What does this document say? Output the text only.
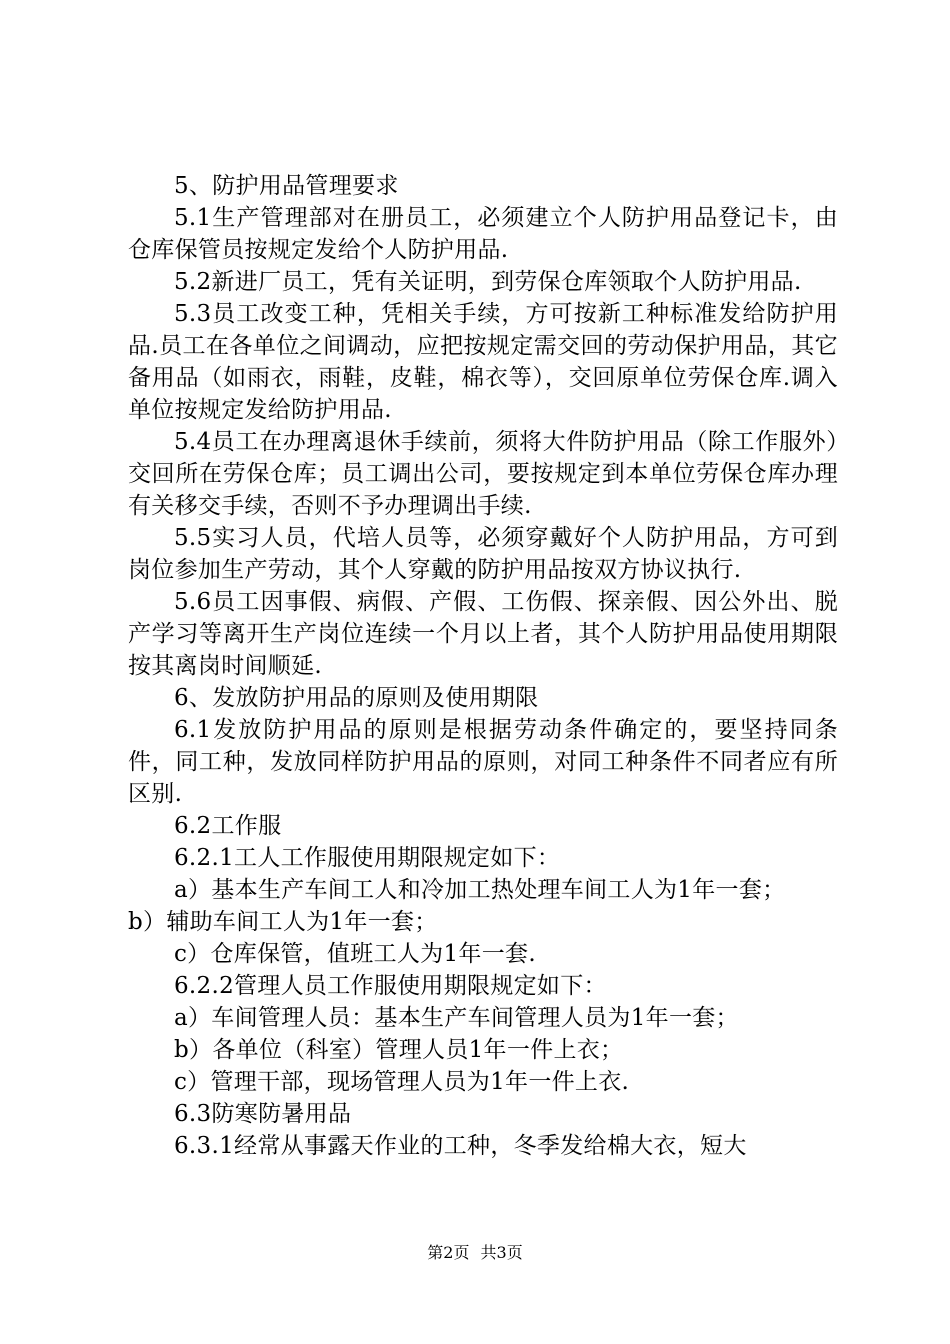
5、防护用品管理要求

5.1生产管理部对在册员工，必须建立个人防护用品登记卡，由仓库保管员按规定发给个人防护用品.

5.2新进厂员工，凭有关证明，到劳保仓库领取个人防护用品.

5.3员工改变工种，凭相关手续，方可按新工种标准发给防护用品.员工在各单位之间调动，应把按规定需交回的劳动保护用品，其它备用品（如雨衣，雨鞋，皮鞋，棉衣等），交回原单位劳保仓库.调入单位按规定发给防护用品.

5.4员工在办理离退休手续前，须将大件防护用品（除工作服外）交回所在劳保仓库；员工调出公司，要按规定到本单位劳保仓库办理有关移交手续，否则不予办理调出手续.

5.5实习人员，代培人员等，必须穿戴好个人防护用品，方可到岗位参加生产劳动，其个人穿戴的防护用品按双方协议执行.

5.6员工因事假、病假、产假、工伤假、探亲假、因公外出、脱产学习等离开生产岗位连续一个月以上者，其个人防护用品使用期限按其离岗时间顺延.

6、发放防护用品的原则及使用期限

6.1发放防护用品的原则是根据劳动条件确定的，要坚持同条件，同工种，发放同样防护用品的原则，对同工种条件不同者应有所区别.

6.2工作服

6.2.1工人工作服使用期限规定如下：

a）基本生产车间工人和冷加工热处理车间工人为1年一套；

b）辅助车间工人为1年一套；

c）仓库保管，值班工人为1年一套.

6.2.2管理人员工作服使用期限规定如下：

a）车间管理人员：基本生产车间管理人员为1年一套；

b）各单位（科室）管理人员1年一件上衣；

c）管理干部，现场管理人员为1年一件上衣.

6.3防寒防暑用品

6.3.1经常从事露天作业的工种，冬季发给棉大衣，短大

第2页 共3页
